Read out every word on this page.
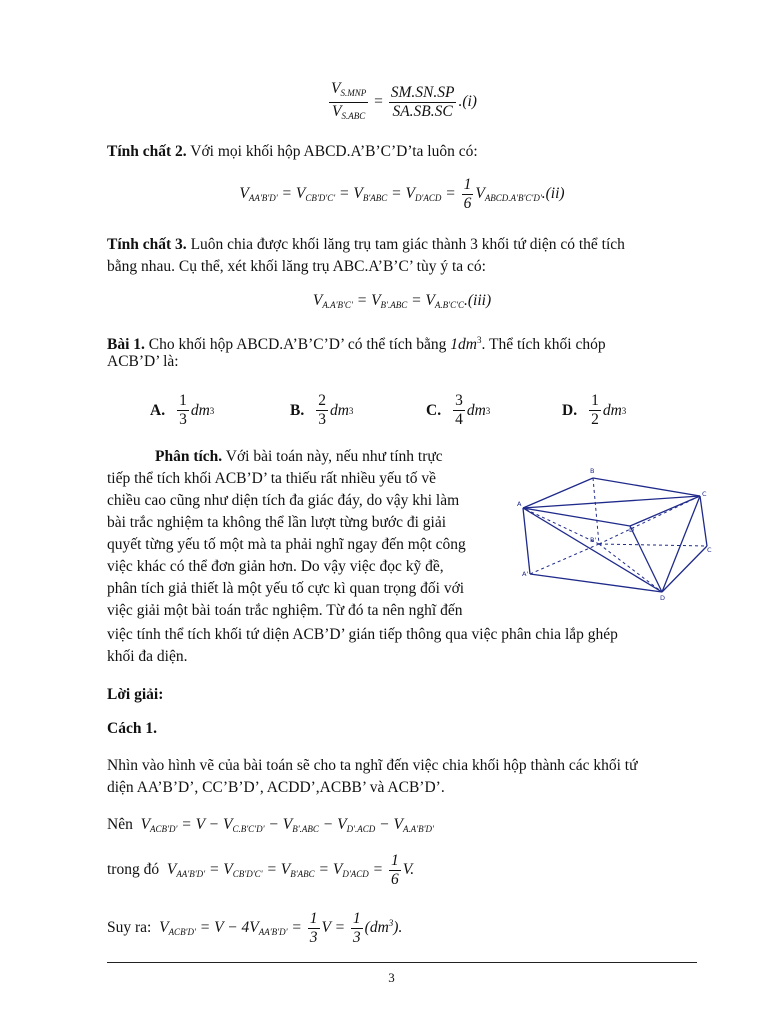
$\frac{V_{S.MNP}}{V_{S.ABC}} = \frac{SM.SN.SP}{SA.SB.SC} .(i)$
Tính chất 2. Với mọi khối hộp ABCD.A’B’C’D’ta luôn có:
$V_{AA'B'D'} = V_{CB'D'C'} = V_{B'ABC} = V_{D'ACD} = \frac{1}{6} V_{ABCD.A'B'C'D'}.(ii)$
Tính chất 3. Luôn chia được khối lăng trụ tam giác thành 3 khối tứ diện có thể tích
bằng nhau. Cụ thể, xét khối lăng trụ ABC.A’B’C’ tùy ý ta có:
$V_{A.A'B'C'} = V_{B'.ABC} = V_{A.B'C'C}.(iii)$
Bài 1. Cho khối hộp ABCD.A’B’C’D’ có thể tích bằng $1dm^3$. Thể tích khối chóp
ACB’D’ là:
A. $\frac{1}{3}$ dm 3	B. $\frac{2}{3}$ dm 3	C. $\frac{3}{4}$ dm 3	D. $\frac{1}{2}$ dm 3
Phân tích. Với bài toán này, nếu như tính trực
tiếp thể tích khối ACB’D’ ta thiếu rất nhiều yếu tố về
chiều cao cũng như diện tích đa giác đáy, do vậy khi làm
bài trắc nghiệm ta không thể lần lượt từng bước đi giải
quyết từng yếu tố một mà ta phải nghĩ ngay đến một công
việc khác có thể đơn giản hơn. Do vậy việc đọc kỹ đề,
phân tích giả thiết là một yếu tố cực kì quan trọng đối với
việc giải một bài toán trắc nghiệm. Từ đó ta nên nghĩ đến
việc tính thể tích khối tứ diện ACB’D’ gián tiếp thông qua việc phân chia lắp ghép
khối đa diện.
A
B
C
D
B'
C
A'
D
Lời giải:
Cách 1.
Nhìn vào hình vẽ của bài toán sẽ cho ta nghĩ đến việc chia khối hộp thành các khối tứ
diện AA’B’D’, CC’B’D’, ACDD’,ACBB’ và ACB’D’.
Nên $V_{ACB'D'} = V - V_{C.B'C'D'} - V_{B'.ABC} - V_{D'.ACD} - V_{A.A'B'D'}$
trong đó $V_{AA'B'D'} = V_{CB'D'C'} = V_{B'ABC} = V_{D'ACD} = \frac{1}{6} V$.
Suy ra: $V_{ACB'D'} = V - 4V_{AA'B'D'} = \frac{1}{3}$ $V = \frac{1}{3} (dm^3)$.
3
